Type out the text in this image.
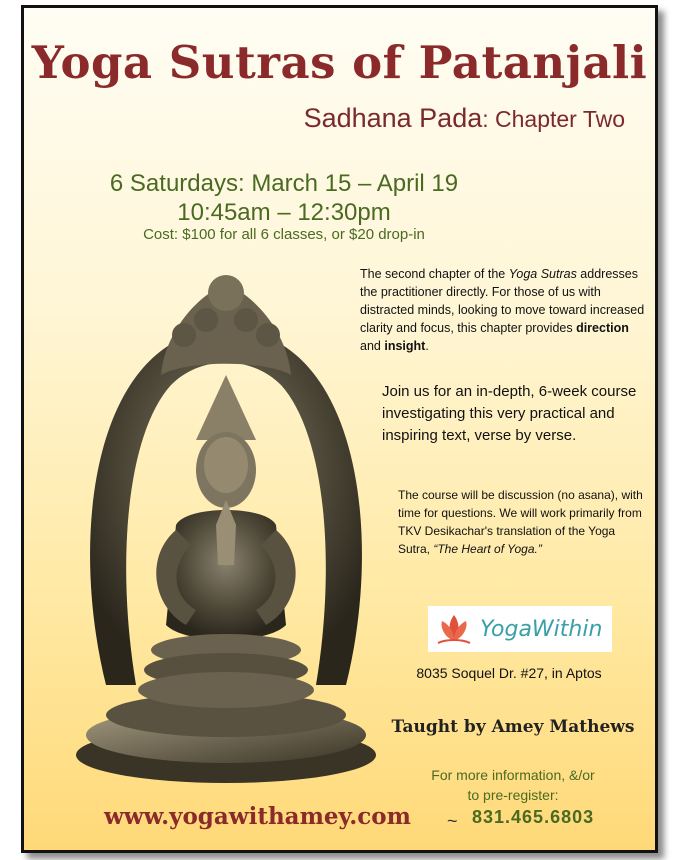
Yoga Sutras of Patanjali
Sadhana Pada: Chapter Two
6 Saturdays: March 15 – April 19
10:45am – 12:30pm
Cost: $100 for all 6 classes, or $20 drop-in
The second chapter of the Yoga Sutras addresses the practitioner directly. For those of us with distracted minds, looking to move toward increased clarity and focus, this chapter provides direction and insight.
Join us for an in-depth, 6-week course investigating this very practical and inspiring text, verse by verse.
The course will be discussion (no asana), with time for questions. We will work primarily from TKV Desikachar's translation of the Yoga Sutra, “The Heart of Yoga.”
YogaWithin
8035 Soquel Dr. #27, in Aptos
Taught by Amey Mathews
For more information, &/or
to pre-register:
www.yogawithamey.com ~ 831.465.6803
